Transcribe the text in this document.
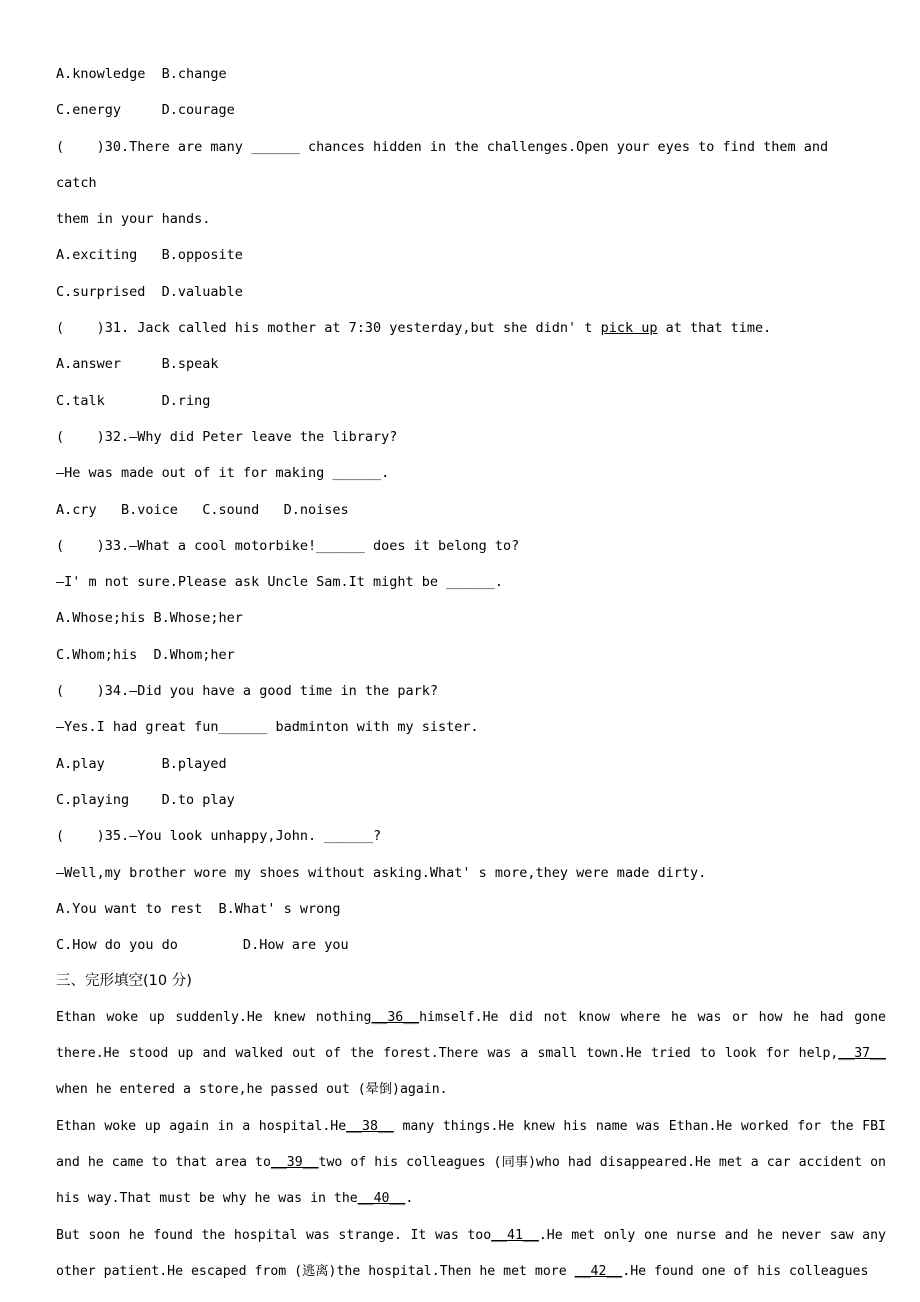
A.knowledge  B.change
C.energy     D.courage
(    )30.There are many ______ chances hidden in the challenges.Open your eyes to find them and catch
them in your hands.
A.exciting   B.opposite
C.surprised  D.valuable
(    )31. Jack called his mother at 7:30 yesterday,but she didn' t pick up at that time.
A.answer     B.speak
C.talk       D.ring
(    )32.—Why did Peter leave the library?
—He was made out of it for making ______.
A.cry   B.voice   C.sound   D.noises
(    )33.—What a cool motorbike!______ does it belong to?
—I' m not sure.Please ask Uncle Sam.It might be ______.
A.Whose;his B.Whose;her
C.Whom;his  D.Whom;her
(    )34.—Did you have a good time in the park?
—Yes.I had great fun______ badminton with my sister.
A.play       B.played
C.playing    D.to play
(    )35.—You look unhappy,John. ______?
—Well,my brother wore my shoes without asking.What' s more,they were made dirty.
A.You want to rest  B.What' s wrong
C.How do you do        D.How are you
三、完形填空(10 分)
Ethan woke up suddenly.He knew nothing__36__himself.He did not know where he was or how he had gone there.He stood up and walked out of the forest.There was a small town.He tried to look for help,__37__ when he entered a store,he passed out (晕倒)again.
Ethan woke up again in a hospital.He__38__ many things.He knew his name was Ethan.He worked for the FBI and he came to that area to__39__two of his colleagues (同事)who had disappeared.He met a car accident on his way.That must be why he was in the__40__.
But soon he found the hospital was strange. It was too__41__.He met only one nurse and he never saw any other patient.He escaped from (逃离)the hospital.Then he met more __42__.He found one of his colleagues
